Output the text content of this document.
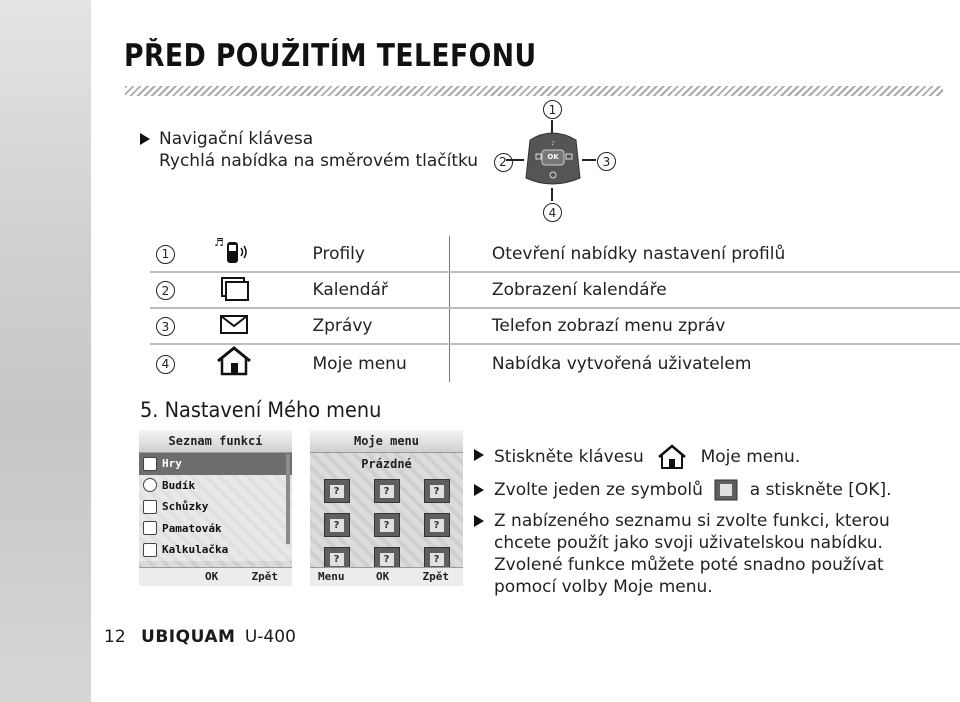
PŘED POUŽITÍM TELEFONU
Navigační klávesa
Rychlá nabídka na směrovém tlačítku 2
1
3
4
♪
OK
1	♬	Profily	Otevření nabídky nastavení profilů
2		Kalendář	Zobrazení kalendáře
3		Zprávy	Telefon zobrazí menu zpráv
4		Moje menu	Nabídka vytvořená uživatelem
5. Nastavení Mého menu
Seznam funkcí
Hry
Budík
Schůzky
Pamatovák
Kalkulačka
OK	Zpět
Moje menu
Prázdné
?	?	?
?	?	?
?	?	?
Menu	OK	Zpět
Stiskněte klávesu	Moje menu.
Zvolte jeden ze symbolů	a stiskněte [OK].
Z nabízeného seznamu si zvolte funkci, kterou chcete použít jako svoji uživatelskou nabídku. Zvolené funkce můžete poté snadno používat pomocí volby Moje menu.
12 UBIQUAM U-400
